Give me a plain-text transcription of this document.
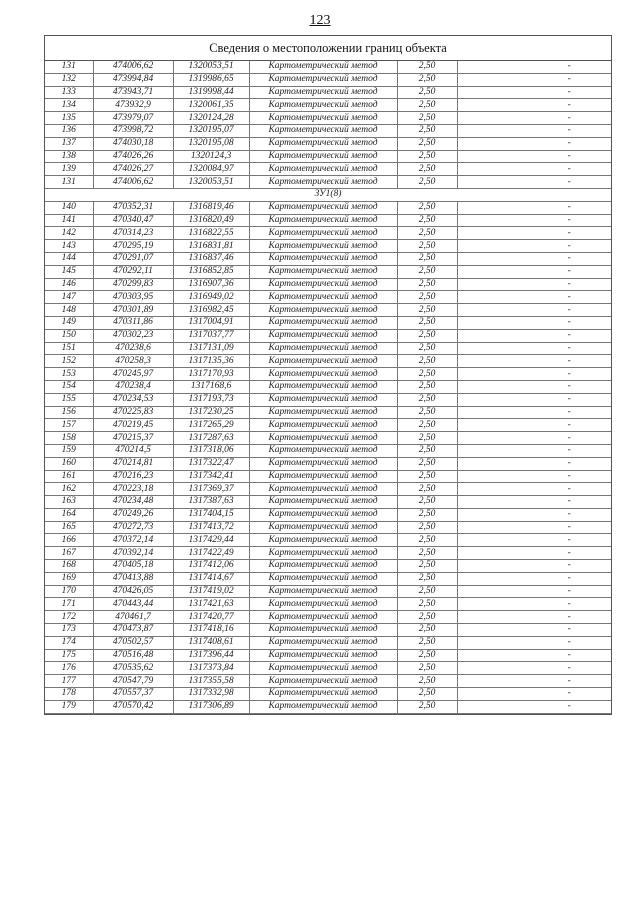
123
Сведения о местоположении границ объекта
131	474006,62	1320053,51	Картометрический метод	2,50	-
132	473994,84	1319986,65	Картометрический метод	2,50	-
133	473943,71	1319998,44	Картометрический метод	2,50	-
134	473932,9	1320061,35	Картометрический метод	2,50	-
135	473979,07	1320124,28	Картометрический метод	2,50	-
136	473998,72	1320195,07	Картометрический метод	2,50	-
137	474030,18	1320195,08	Картометрический метод	2,50	-
138	474026,26	1320124,3	Картометрический метод	2,50	-
139	474026,27	1320084,97	Картометрический метод	2,50	-
131	474006,62	1320053,51	Картометрический метод	2,50	-
ЗУ1(8)					
140	470352,31	1316819,46	Картометрический метод	2,50	-
141	470340,47	1316820,49	Картометрический метод	2,50	-
142	470314,23	1316822,55	Картометрический метод	2,50	-
143	470295,19	1316831,81	Картометрический метод	2,50	-
144	470291,07	1316837,46	Картометрический метод	2,50	-
145	470292,11	1316852,85	Картометрический метод	2,50	-
146	470299,83	1316907,36	Картометрический метод	2,50	-
147	470303,95	1316949,02	Картометрический метод	2,50	-
148	470301,89	1316982,45	Картометрический метод	2,50	-
149	470311,86	1317004,91	Картометрический метод	2,50	-
150	470302,23	1317037,77	Картометрический метод	2,50	-
151	470238,6	1317131,09	Картометрический метод	2,50	-
152	470258,3	1317135,36	Картометрический метод	2,50	-
153	470245,97	1317170,93	Картометрический метод	2,50	-
154	470238,4	1317168,6	Картометрический метод	2,50	-
155	470234,53	1317193,73	Картометрический метод	2,50	-
156	470225,83	1317230,25	Картометрический метод	2,50	-
157	470219,45	1317265,29	Картометрический метод	2,50	-
158	470215,37	1317287,63	Картометрический метод	2,50	-
159	470214,5	1317318,06	Картометрический метод	2,50	-
160	470214,81	1317322,47	Картометрический метод	2,50	-
161	470216,23	1317342,41	Картометрический метод	2,50	-
162	470223,18	1317369,37	Картометрический метод	2,50	-
163	470234,48	1317387,63	Картометрический метод	2,50	-
164	470249,26	1317404,15	Картометрический метод	2,50	-
165	470272,73	1317413,72	Картометрический метод	2,50	-
166	470372,14	1317429,44	Картометрический метод	2,50	-
167	470392,14	1317422,49	Картометрический метод	2,50	-
168	470405,18	1317412,06	Картометрический метод	2,50	-
169	470413,88	1317414,67	Картометрический метод	2,50	-
170	470426,05	1317419,02	Картометрический метод	2,50	-
171	470443,44	1317421,63	Картометрический метод	2,50	-
172	470461,7	1317420,77	Картометрический метод	2,50	-
173	470473,87	1317418,16	Картометрический метод	2,50	-
174	470502,57	1317408,61	Картометрический метод	2,50	-
175	470516,48	1317396,44	Картометрический метод	2,50	-
176	470535,62	1317373,84	Картометрический метод	2,50	-
177	470547,79	1317355,58	Картометрический метод	2,50	-
178	470557,37	1317332,98	Картометрический метод	2,50	-
179	470570,42	1317306,89	Картометрический метод	2,50	-
